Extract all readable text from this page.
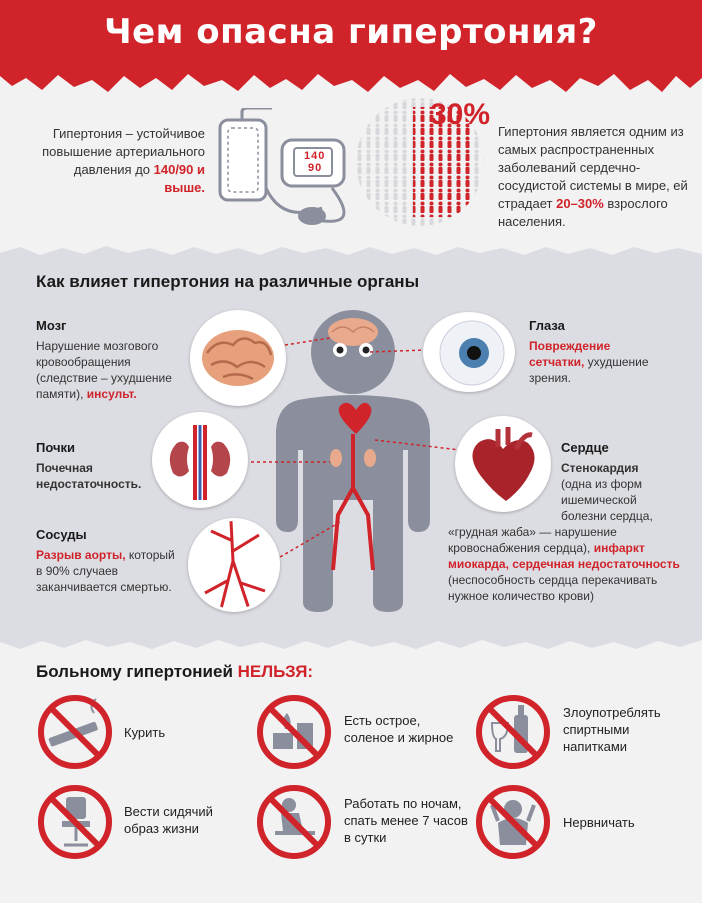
Чем опасна гипертония?
Гипертония – устойчивое повышение артериального давления до 140/90 и выше.
140
90
30%
Гипертония является одним из самых распространенных заболеваний сердечно-сосудистой системы в мире, ей страдает 20–30% взрослого населения.
Как влияет гипертония на различные органы
Мозг
Нарушение мозгового кровообращения (следствие – ухудшение памяти), инсульт.
Почки
Почечная недостаточность.
Сосуды
Разрыв аорты, который в 90% случаев заканчивается смертью.
Глаза
Повреждение сетчатки, ухудшение зрения.
Сердце
Стенокардия
(одна из форм ишемической болезни сердца,
«грудная жаба» — нарушение кровоснабжения сердца), инфаркт миокарда, сердечная недостаточность
(неспособность сердца перекачивать нужное количество крови)
Больному гипертонией НЕЛЬЗЯ:
Курить
Есть острое, соленое и жирное
Злоупотреблять спиртными напитками
Вести сидячий образ жизни
Работать по ночам, спать менее 7 часов в сутки
Нервничать
